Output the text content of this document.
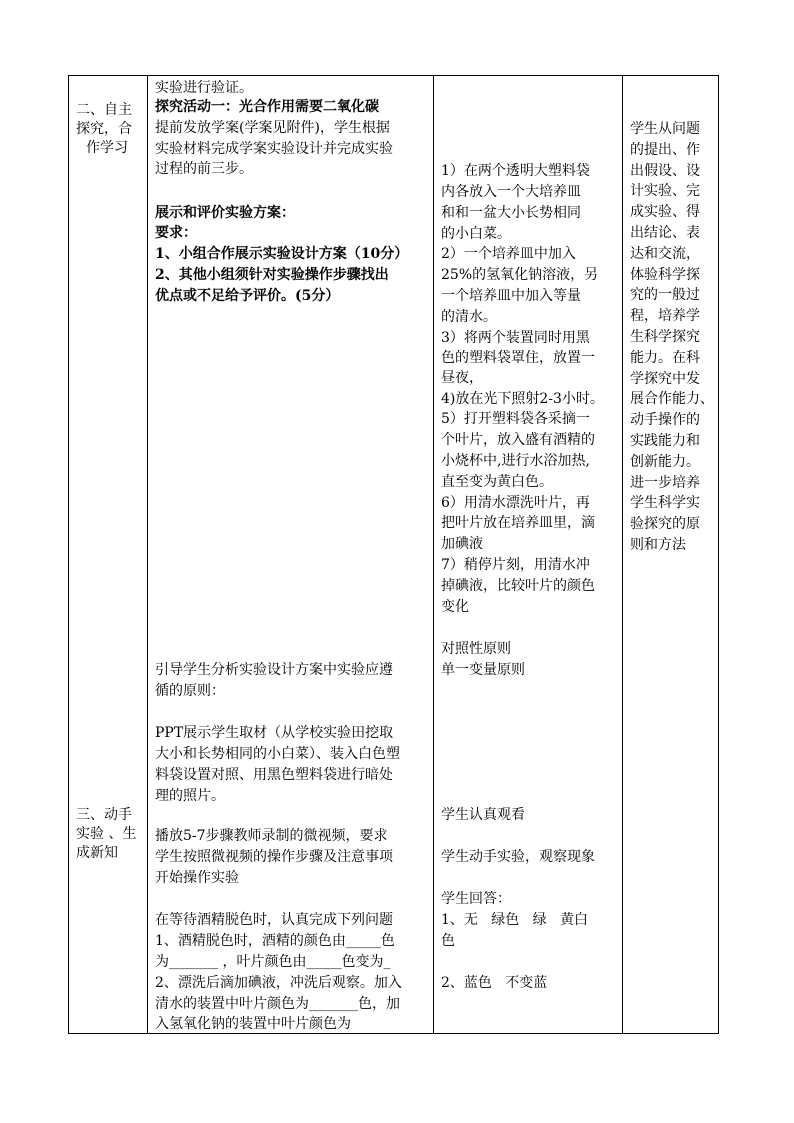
二、自主
探究，合
作学习
三、动手
实验 、生
成新知
实验进行验证。
探究活动一：光合作用需要二氧化碳
提前发放学案(学案见附件)，学生根据
实验材料完成学案实验设计并完成实验
过程的前三步。
展示和评价实验方案：
要求：
1、小组合作展示实验设计方案（10分）
2、其他小组须针对实验操作步骤找出
优点或不足给予评价。(5分）
引导学生分析实验设计方案中实验应遵
循的原则：
PPT展示学生取材（从学校实验田挖取
大小和长势相同的小白菜）、装入白色塑
料袋设置对照、用黑色塑料袋进行暗处
理的照片。
播放5-7步骤教师录制的微视频，要求
学生按照微视频的操作步骤及注意事项
开始操作实验
在等待酒精脱色时，认真完成下列问题
1、酒精脱色时，酒精的颜色由_____色
为_______ ，叶片颜色由_____色变为_
2、漂洗后滴加碘液，冲洗后观察。加入
清水的装置中叶片颜色为_______色，加
入氢氧化钠的装置中叶片颜色为
1）在两个透明大塑料袋
内各放入一个大培养皿
和和一盆大小长势相同
的小白菜。
2）一个培养皿中加入
25%的氢氧化钠溶液，另
一个培养皿中加入等量
的清水。
3）将两个装置同时用黑
色的塑料袋罩住，放置一
昼夜，
4)放在光下照射2-3小时。
5）打开塑料袋各采摘一
个叶片，放入盛有酒精的
小烧杯中,进行水浴加热,
直至变为黄白色。
6）用清水漂洗叶片，再
把叶片放在培养皿里，滴
加碘液
7）稍停片刻，用清水冲
掉碘液，比较叶片的颜色
变化
对照性原则
单一变量原则
学生认真观看
学生动手实验，观察现象
学生回答：
1、无   绿色   绿   黄白
色
2、蓝色   不变蓝
学生从问题
的提出、作
出假设、设
计实验、完
成实验、得
出结论、表
达和交流，
体验科学探
究的一般过
程，培养学
生科学探究
能力。在科
学探究中发
展合作能力、
动手操作的
实践能力和
创新能力。
进一步培养
学生科学实
验探究的原
则和方法
